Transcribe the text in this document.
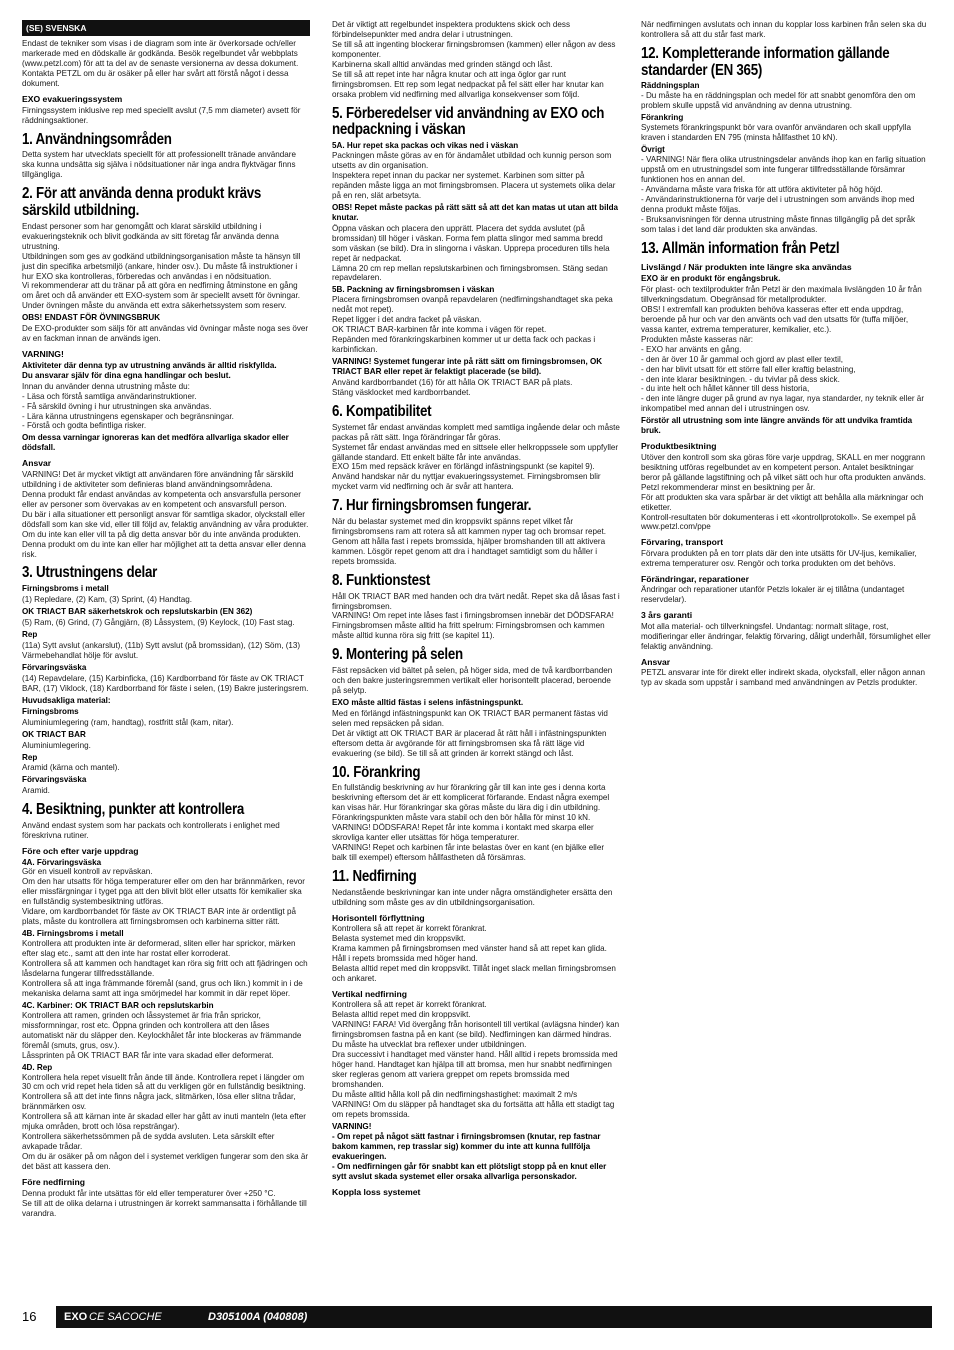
(SE) SVENSKA
Endast de tekniker som visas i de diagram som inte är överkorsade och/eller markerade med en dödskalle är godkända. Besök regelbundet vår webbplats (www.petzl.com) för att ta del av de senaste versionerna av dessa dokument. Kontakta PETZL om du är osäker på eller har svårt att förstå något i dessa dokument.
EXO evakueringssystem
Firningssystem inklusive rep med speciellt avslut (7,5 mm diameter) avsett för räddningsaktioner.
1. Användningsområden
Detta system har utvecklats speciellt för att professionellt tränade användare ska kunna undsätta sig själva i nödsituationer när inga andra flyktvägar finns tillgängliga.
2. För att använda denna produkt krävs särskild utbildning.
Endast personer som har genomgått och klarat särskild utbildning i evakueringsteknik och blivit godkända av sitt företag får använda denna utrustning.
Utbildningen som ges av godkänd utbildningsorganisation måste ta hänsyn till just din specifika arbetsmiljö (ankare, hinder osv.). Du måste få instruktioner i hur EXO ska kontrolleras, förberedas och användas i en nödsituation.
Vi rekommenderar att du tränar på att göra en nedfirning åtminstone en gång om året och då använder ett EXO-system som är speciellt avsett för övningar. Under övningen måste du använda ett extra säkerhetssystem som reserv.
OBS! ENDAST FÖR ÖVNINGSBRUK
De EXO-produkter som säljs för att användas vid övningar måste noga ses över av en fackman innan de används igen.
VARNING!
Aktiviteter där denna typ av utrustning används är alltid riskfyllda.
Du ansvarar själv för dina egna handlingar och beslut.
Innan du använder denna utrustning måste du:
- Läsa och förstå samtliga användarinstruktioner.
- Få särskild övning i hur utrustningen ska användas.
- Lära känna utrustningens egenskaper och begränsningar.
- Förstå och godta befintliga risker.
Om dessa varningar ignoreras kan det medföra allvarliga skador eller dödsfall.
Ansvar
VARNING! Det är mycket viktigt att användaren före användning får särskild utbildning i de aktiviteter som definieras bland användningsområdena.
Denna produkt får endast användas av kompetenta och ansvarsfulla personer eller av personer som övervakas av en kompetent och ansvarsfull person.
Du bär i alla situationer ett personligt ansvar för samtliga skador, olyckstall eller dödsfall som kan ske vid, eller till följd av, felaktig användning av våra produkter. Om du inte kan eller vill ta på dig detta ansvar bör du inte använda produkten. Denna produkt om du inte kan eller har möjlighet att ta detta ansvar eller denna risk.
3. Utrustningens delar
Firningsbroms i metall
(1) Repledare, (2) Kam, (3) Sprint, (4) Handtag.
OK TRIACT BAR säkerhetskrok och repslutskarbin (EN 362)
(5) Ram, (6) Grind, (7) Gångjärn, (8) Låssystem, (9) Keylock, (10) Fast stag.
Rep
(11a) Sytt avslut (ankarslut), (11b) Sytt avslut (på bromssidan), (12) Söm, (13) Värmebehandlat hölje för avslut.
Förvaringsväska
(14) Repavdelare, (15) Karbinficka, (16) Kardborrband för fäste av OK TRIACT BAR, (17) Viklock, (18) Kardborrband för fäste i selen, (19) Bakre justeringsrem.
Huvudsakliga material:
Firningsbroms
Aluminiumlegering (ram, handtag), rostfritt stål (kam, nitar).
OK TRIACT BAR
Aluminiumlegering.
Rep
Aramid (kärna och mantel).
Förvaringsväska
Aramid.
4. Besiktning, punkter att kontrollera
Använd endast system som har packats och kontrollerats i enlighet med föreskrivna rutiner.
Före och efter varje uppdrag
4A. Förvaringsväska
Gör en visuell kontroll av repväskan.
Om den har utsatts för höga temperaturer eller om den har brännmärken, revor eller missfärgningar i tyget pga att den blivit blöt eller utsatts för kemikalier ska en fullständig systembesiktning utföras.
Vidare, om kardborrbandet för fäste av OK TRIACT BAR inte är ordentligt på plats, måste du kontrollera att firningsbromsen och karbinerna sitter rätt.
4B. Firningsbroms i metall
Kontrollera att produkten inte är deformerad, sliten eller har sprickor, märken efter slag etc., samt att den inte har rostat eller korroderat.
Kontrollera så att kammen och handtaget kan röra sig fritt och att fjädringen och låsdelarna fungerar tillfredsställande.
Kontrollera så att inga främmande föremål (sand, grus och likn.) kommit in i de mekaniska delarna samt att inga smörjmedel har kommit in där repet löper.
4C. Karbiner: OK TRIACT BAR och repslutskarbin
Kontrollera att ramen, grinden och låssystemet är fria från sprickor, missformningar, rost etc. Öppna grinden och kontrollera att den låses automatiskt när du släpper den. Keylockhålet får inte blockeras av främmande föremål (smuts, grus, osv.).
Låssprinten på OK TRIACT BAR får inte vara skadad eller deformerat.
4D. Rep
Kontrollera hela repet visuellt från ände till ände. Kontrollera repet i längder om 30 cm och vrid repet hela tiden så att du verkligen gör en fullständig besiktning. Kontrollera så att det inte finns några jack, slitmärken, lösa eller slitna trådar, brännmärken osv.
Kontrollera så att kärnan inte är skadad eller har gått av inuti manteln (leta efter mjuka områden, brott och lösa repsträngar).
Kontrollera säkerhetssömmen på de sydda avsluten. Leta särskilt efter avkapade trådar.
Om du är osäker på om någon del i systemet verkligen fungerar som den ska är det bäst att kassera den.
Före nedfirning
Denna produkt får inte utsättas för eld eller temperaturer över +250 °C.
Se till att de olika delarna i utrustningen är korrekt sammansatta i förhållande till varandra.
Det är viktigt att regelbundet inspektera produktens skick och dess förbindelsepunkter med andra delar i utrustningen.
Se till så att ingenting blockerar firningsbromsen (kammen) eller någon av dess komponenter.
Karbinerna skall alltid användas med grinden stängd och låst.
Se till så att repet inte har några knutar och att inga öglor gar runt firningsbromsen. Ett rep som legat nedpackat på fel sätt eller har knutar kan orsaka problem vid nedfirning med allvarliga konsekvenser som följd.
5. Förberedelser vid användning av EXO och nedpackning i väskan
5A. Hur repet ska packas och vikas ned i väskan
Packningen måste göras av en för ändamålet utbildad och kunnig person som utsetts av din organisation.
Inspektera repet innan du packar ner systemet. Karbinen som sitter på repänden måste ligga an mot firningsbromsen. Placera ut systemets olika delar på en ren, slät arbetsyta.
OBS! Repet måste packas på rätt sätt så att det kan matas ut utan att bilda knutar.
Öppna väskan och placera den upprätt. Placera det sydda avslutet (på bromssidan) till höger i väskan. Forma fem platta slingor med samma bredd som väskan (se bild). Dra in slingorna i väskan. Upprepa proceduren tills hela repet är nedpackat.
Lämna 20 cm rep mellan repslutskarbinen och firningsbromsen. Stäng sedan repavdelaren.
5B. Packning av firningsbromsen i väskan
Placera firningsbromsen ovanpå repavdelaren (nedfirningshandtaget ska peka nedåt mot repet).
Repet ligger i det andra facket på väskan.
OK TRIACT BAR-karbinen får inte komma i vägen för repet.
Repänden med förankringskarbinen kommer ut ur detta fack och packas i karbinfickan.
VARNING! Systemet fungerar inte på rätt sätt om firningsbromsen, OK TRIACT BAR eller repet är felaktigt placerade (se bild).
Använd kardborrbandet (16) för att hålla OK TRIACT BAR på plats.
Stäng väsklocket med kardborrbandet.
6. Kompatibilitet
Systemet får endast användas komplett med samtliga ingående delar och måste packas på rätt sätt. Inga förändringar får göras.
Systemet får endast användas med en sittsele eller helkroppssele som uppfyller gällande standard. Ett enkelt bälte får inte användas.
EXO 15m med repsäck kräver en förlängd infästningspunkt (se kapitel 9).
Använd handskar när du nyttjar evakueringssystemet. Firningsbromsen blir mycket varm vid nedfirning och är svår att hantera.
7. Hur firningsbromsen fungerar.
När du belastar systemet med din kroppsvikt spänns repet vilket får firningsbromsens ram att rotera så att kammen nyper tag och bromsar repet. Genom att hålla fast i repets bromssida, hjälper bromshanden till att aktivera kammen. Lösgör repet genom att dra i handtaget samtidigt som du håller i repets bromssida.
8. Funktionstest
Håll OK TRIACT BAR med handen och dra tvärt nedåt. Repet ska då låsas fast i firningsbromsen.
VARNING! Om repet inte låses fast i firningsbromsen innebär det DÖDSFARA! Firningsbromsen måste alltid ha fritt spelrum: Firningsbromsen och kammen måste alltid kunna röra sig fritt (se kapitel 11).
9. Montering på selen
Fäst repsäcken vid bältet på selen, på höger sida, med de två kardborrbanden och den bakre justeringsremmen vertikalt eller horisontellt placerad, beroende på selytp.
EXO måste alltid fästas i selens infästningspunkt.
Med en förlängd infästningspunkt kan OK TRIACT BAR permanent fästas vid selen med repsäcken på sidan.
Det är viktigt att OK TRIACT BAR är placerad åt rätt håll i infästningspunkten eftersom detta är avgörande för att firningsbromsen ska få rätt läge vid evakuering (se bild). Se till så att grinden är korrekt stängd och låst.
10. Förankring
En fullständig beskrivning av hur förankring går till kan inte ges i denna korta beskrivning eftersom det är ett komplicerat förfarande. Endast några exempel kan visas här. Hur förankringar ska göras måste du lära dig i din utbildning. Förankringspunkten måste vara stabil och den bör hålla för minst 10 kN. VARNING! DÖDSFARA! Repet får inte komma i kontakt med skarpa eller skrovliga kanter eller utsättas för höga temperaturer.
VARNING! Repet och karbinen får inte belastas över en kant (en bjälke eller balk till exempel) eftersom hållfastheten då försämras.
11. Nedfirning
Nedanstående beskrivningar kan inte under några omständigheter ersätta den utbildning som måste ges av din utbildningsorganisation.
Horisontell förflyttning
Kontrollera så att repet är korrekt förankrat.
Belasta systemet med din kroppsvikt.
Krama kammen på firningsbromsen med vänster hand så att repet kan glida.
Håll i repets bromssida med höger hand.
Belasta alltid repet med din kroppsvikt. Tillåt inget slack mellan firningsbromsen och ankaret.
Vertikal nedfirning
Kontrollera så att repet är korrekt förankrat.
Belasta alltid repet med din kroppsvikt.
VARNING! FARA! Vid övergång från horisontell till vertikal (avlägsna hinder) kan firningsbromsen fastna på en kant (se bild). Nedfirningen kan därmed hindras. Du måste ha utvecklat bra reflexer under utbildningen.
Dra successivt i handtaget med vänster hand. Håll alltid i repets bromssida med höger hand. Handtaget kan hjälpa till att bromsa, men hur snabbt nedfirningen sker regleras genom att variera greppet om repets bromssida med bromshanden.
Du måste alltid hålla koll på din nedfirningshastighet: maximalt 2 m/s
VARNING! Om du släpper på handtaget ska du fortsätta att hålla ett stadigt tag om repets bromssida.
VARNING!
- Om repet på något sätt fastnar i firningsbromsen (knutar, rep fastnar bakom kammen, rep trasslar sig) kommer du inte att kunna fullfölja evakueringen.
- Om nedfirningen går för snabbt kan ett plötsligt stopp på en knut eller sytt avslut skada systemet eller orsaka allvarliga personskador.
Koppla loss systemet
När nedfirningen avslutats och innan du kopplar loss karbinen från selen ska du kontrollera så att du står fast mark.
12. Kompletterande information gällande standarder (EN 365)
Räddningsplan
- Du måste ha en räddningsplan och medel för att snabbt genomföra den om problem skulle uppstå vid användning av denna utrustning.
Förankring
Systemets förankringspunkt bör vara ovanför användaren och skall uppfylla kraven i standarden EN 795 (minsta hållfasthet 10 kN).
Övrigt
- VARNING! När flera olika utrustningsdelar används ihop kan en farlig situation uppstå om en utrustningsdel som inte fungerar tillfredsställande försämrar funktionen hos en annan del.
- Användarna måste vara friska för att utföra aktiviteter på hög höjd.
- Användarinstruktionerna för varje del i utrustningen som används ihop med denna produkt måste följas.
- Bruksanvisningen för denna utrustning måste finnas tillgänglig på det språk som talas i det land där produkten ska användas.
13. Allmän information från Petzl
Livslängd / När produkten inte längre ska användas
EXO är en produkt för engångsbruk.
För plast- och textilprodukter från Petzl är den maximala livslängden 10 år från tillverkningsdatum. Obegränsad för metallprodukter.
OBS! I extremfall kan produkten behöva kasseras efter ett enda uppdrag, beroende på hur och var den använts och vad den utsatts för (tuffa miljöer, vassa kanter, extrema temperaturer, kemikalier, etc.).
Produkten måste kasseras när:
- EXO har använts en gång.
- den är över 10 år gammal och gjord av plast eller textil,
- den har blivit utsatt för ett större fall eller kraftig belastning,
- den inte klarar besiktningen. - du tvivlar på dess skick.
- du inte helt och hållet känner till dess historia,
- den inte längre duger på grund av nya lagar, nya standarder, ny teknik eller är inkompatibel med annan del i utrustningen osv.
Förstör all utrustning som inte längre används för att undvika framtida bruk.
Produktbesiktning
Utöver den kontroll som ska göras före varje uppdrag, SKALL en mer noggrann besiktning utföras regelbundet av en kompetent person. Antalet besiktningar beror på gällande lagstiftning och på vilket sätt och hur ofta produkten används. Petzl rekommenderar minst en besiktning per år.
För att produkten ska vara spårbar är det viktigt att behålla alla märkningar och etiketter.
Kontroll-resultaten bör dokumenteras i ett «kontrollprotokoll». Se exempel på www.petzl.com/ppe
Förvaring, transport
Förvara produkten på en torr plats där den inte utsätts för UV-ljus, kemikalier, extrema temperaturer osv. Rengör och torka produkten om det behövs.
Förändringar, reparationer
Ändringar och reparationer utanför Petzls lokaler är ej tillåtna (undantaget reservdelar).
3 års garanti
Mot alla material- och tillverkningsfel. Undantag: normalt slitage, rost, modifieringar eller ändringar, felaktig förvaring, dåligt underhåll, försumlighet eller felaktig användning.
Ansvar
PETZL ansvarar inte för direkt eller indirekt skada, olycksfall, eller någon annan typ av skada som uppstår i samband med användningen av Petzls produkter.
16	EXO CE SACOCHE	D305100A (040808)
